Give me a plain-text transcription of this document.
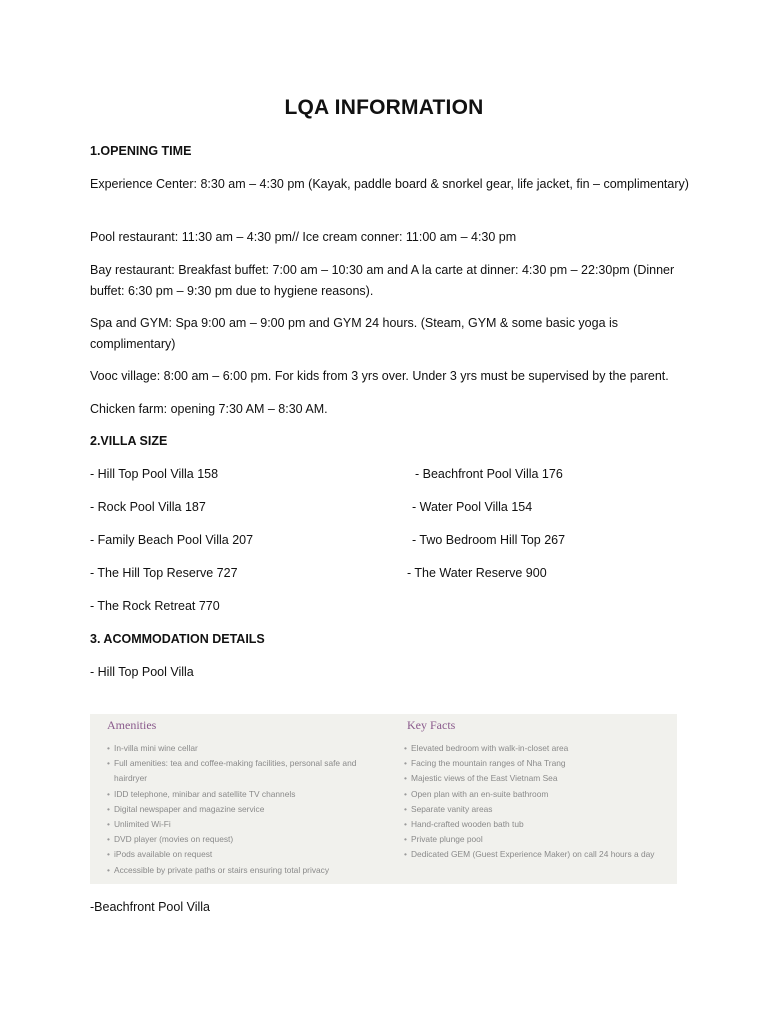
LQA INFORMATION
1.OPENING TIME
Experience Center: 8:30 am – 4:30 pm (Kayak, paddle board & snorkel gear, life jacket, fin – complimentary)
Pool restaurant: 11:30 am – 4:30 pm// Ice cream conner: 11:00 am – 4:30 pm
Bay restaurant: Breakfast buffet: 7:00 am – 10:30 am and A la carte at dinner: 4:30 pm – 22:30pm (Dinner buffet: 6:30 pm – 9:30 pm due to hygiene reasons).
Spa and GYM: Spa 9:00 am – 9:00 pm and GYM 24 hours. (Steam, GYM & some basic yoga is complimentary)
Vooc village: 8:00 am – 6:00 pm. For kids from 3 yrs over. Under 3 yrs must be supervised by the parent.
Chicken farm: opening 7:30 AM – 8:30 AM.
2.VILLA SIZE
- Hill Top Pool Villa 158
- Rock Pool Villa 187
- Family Beach Pool Villa 207
- The Hill Top Reserve 727
- The Rock Retreat 770
- Beachfront Pool Villa 176
- Water Pool Villa 154
- Two Bedroom Hill Top 267
- The Water Reserve 900
3. ACOMMODATION DETAILS
- Hill Top Pool Villa
Amenities	Key Facts
• In-villa mini wine cellar
• Full amenities: tea and coffee-making facilities, personal safe and hairdryer
• IDD telephone, minibar and satellite TV channels
• Digital newspaper and magazine service
• Unlimited Wi-Fi
• DVD player (movies on request)
• iPods available on request
• Accessible by private paths or stairs ensuring total privacy
• Elevated bedroom with walk-in-closet area
• Facing the mountain ranges of Nha Trang
• Majestic views of the East Vietnam Sea
• Open plan with an en-suite bathroom
• Separate vanity areas
• Hand-crafted wooden bath tub
• Private plunge pool
• Dedicated GEM (Guest Experience Maker) on call 24 hours a day
-Beachfront Pool Villa
